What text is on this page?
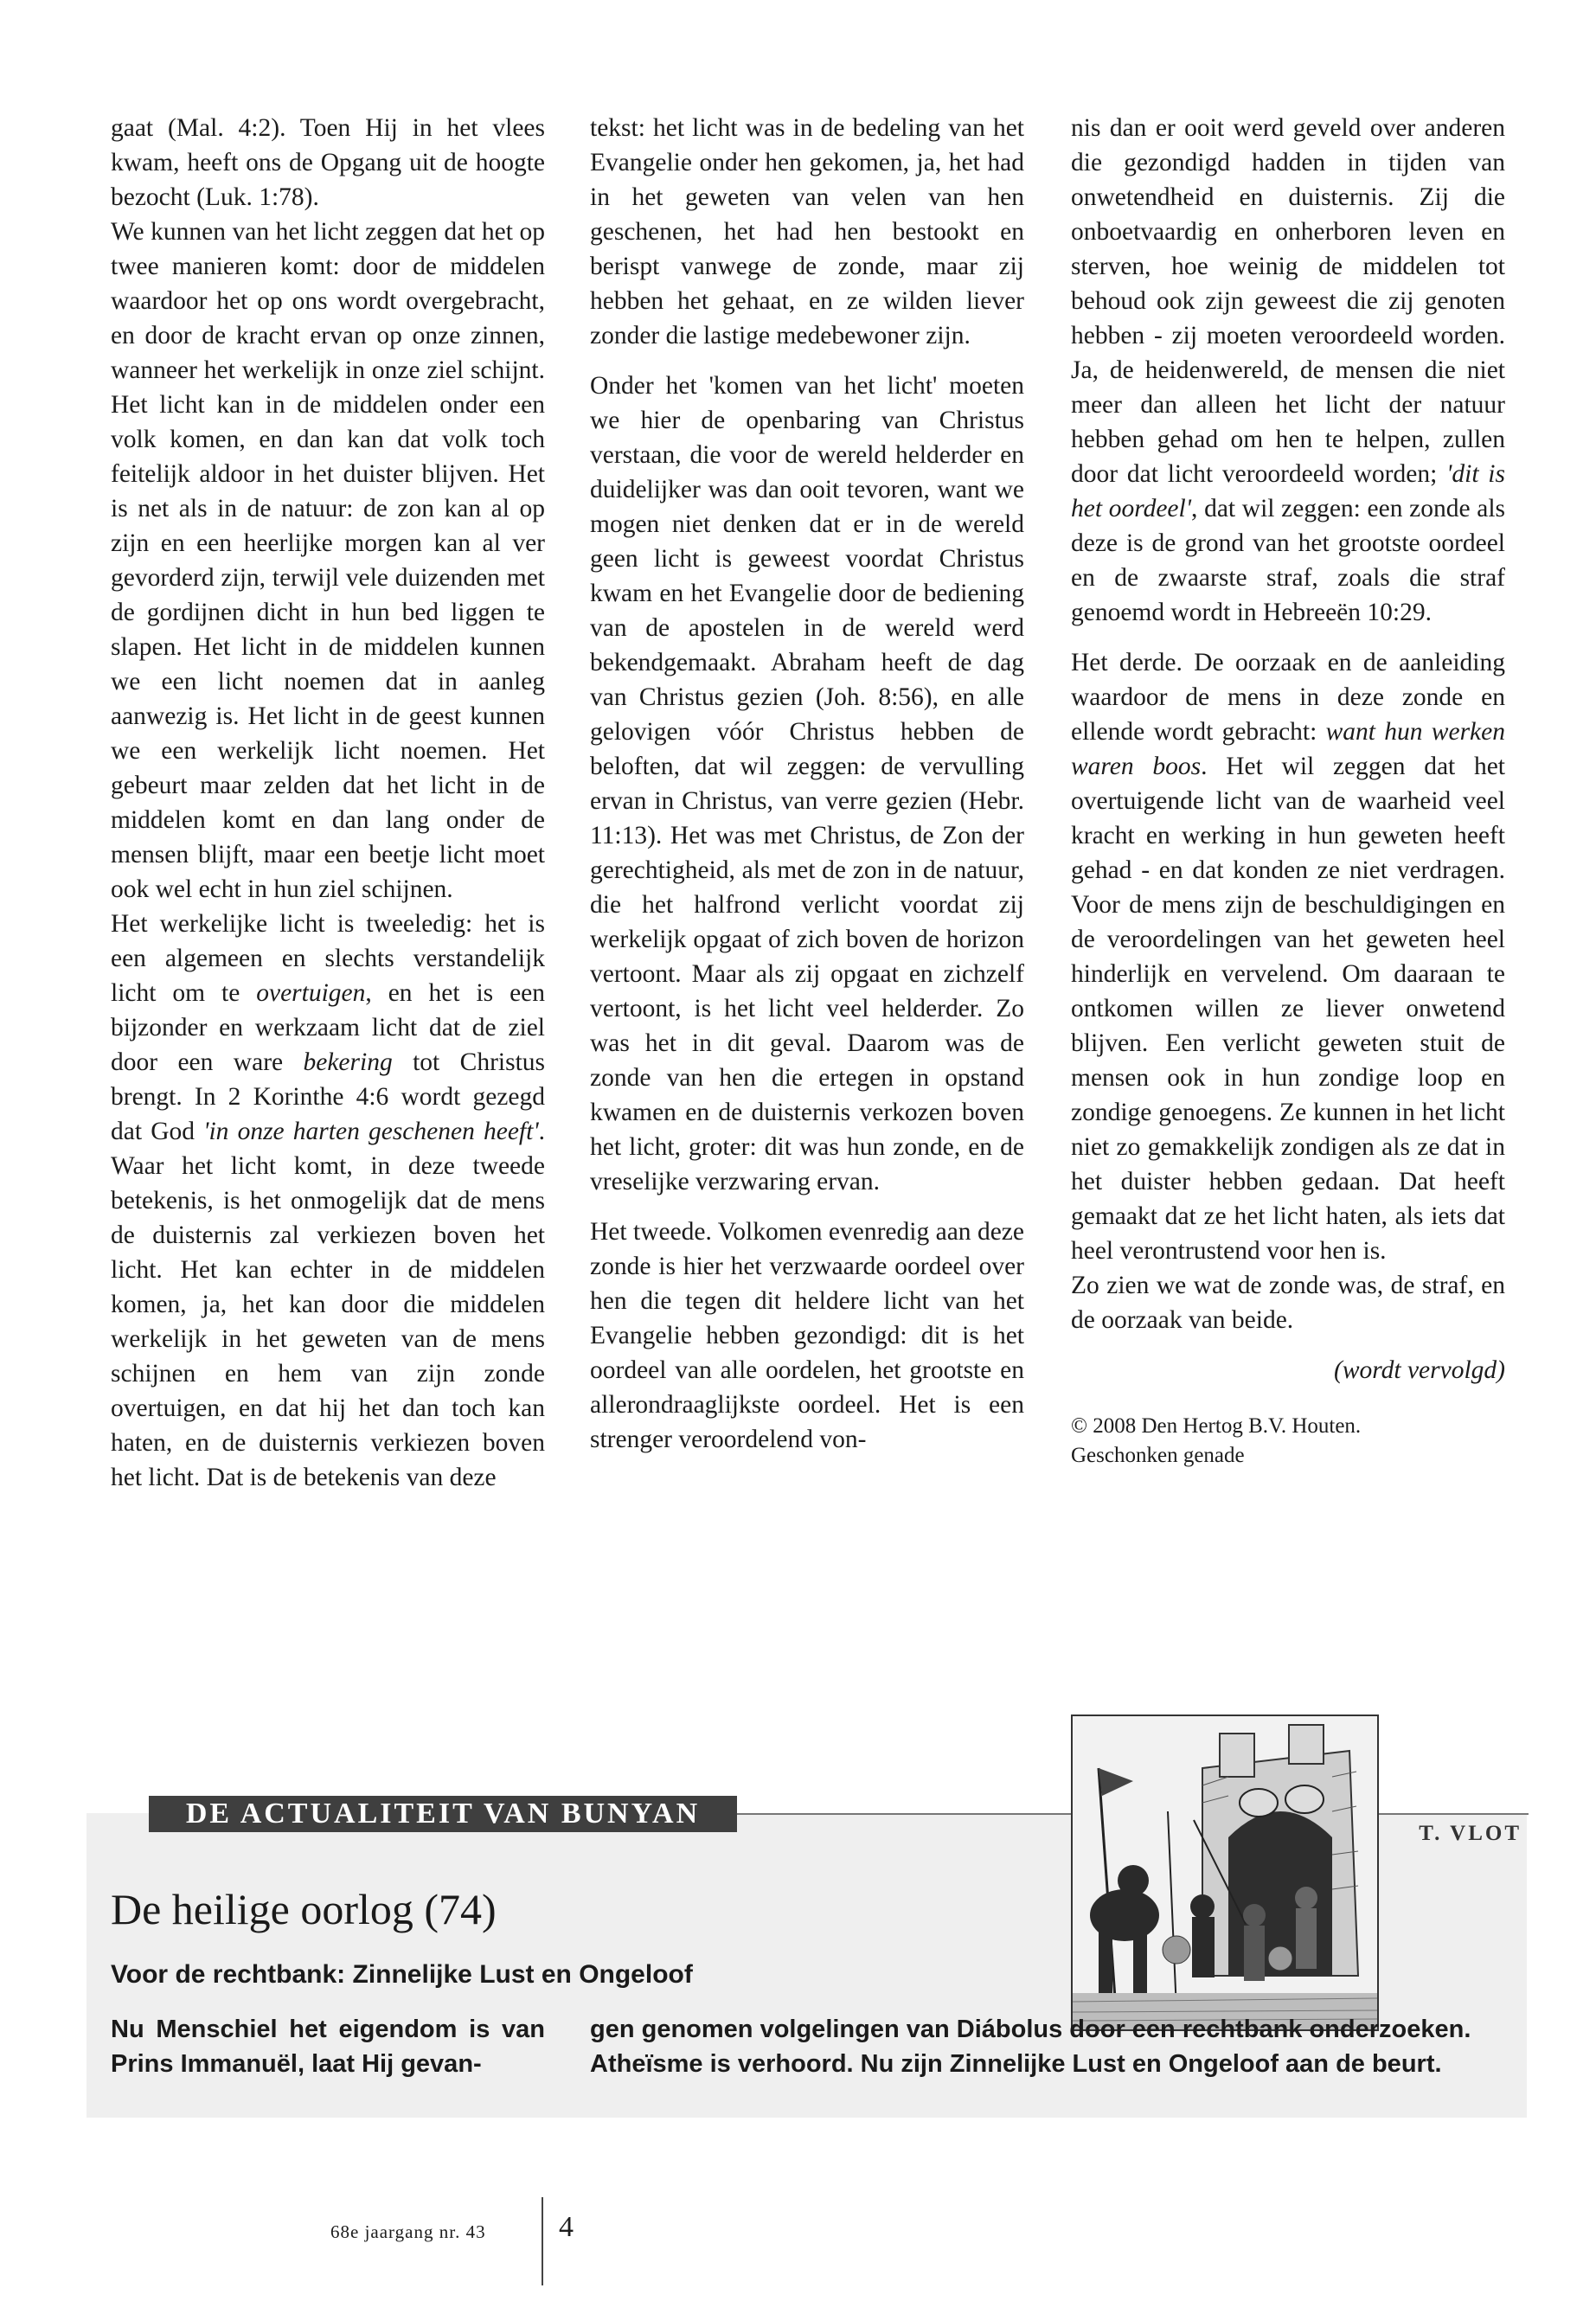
gaat (Mal. 4:2). Toen Hij in het vlees kwam, heeft ons de Opgang uit de hoogte bezocht (Luk. 1:78).

We kunnen van het licht zeggen dat het op twee manieren komt: door de middelen waardoor het op ons wordt overgebracht, en door de kracht ervan op onze zinnen, wanneer het werkelijk in onze ziel schijnt. Het licht kan in de middelen onder een volk komen, en dan kan dat volk toch feitelijk aldoor in het duister blijven. Het is net als in de natuur: de zon kan al op zijn en een heerlijke morgen kan al ver gevorderd zijn, terwijl vele duizenden met de gordijnen dicht in hun bed liggen te slapen. Het licht in de middelen kunnen we een licht noemen dat in aanleg aanwezig is. Het licht in de geest kunnen we een werkelijk licht noemen. Het gebeurt maar zelden dat het licht in de middelen komt en dan lang onder de mensen blijft, maar een beetje licht moet ook wel echt in hun ziel schijnen.

Het werkelijke licht is tweeledig: het is een algemeen en slechts verstandelijk licht om te overtuigen, en het is een bijzonder en werkzaam licht dat de ziel door een ware bekering tot Christus brengt. In 2 Korinthe 4:6 wordt gezegd dat God 'in onze harten geschenen heeft'. Waar het licht komt, in deze tweede betekenis, is het onmogelijk dat de mens de duisternis zal verkiezen boven het licht. Het kan echter in de middelen komen, ja, het kan door die middelen werkelijk in het geweten van de mens schijnen en hem van zijn zonde overtuigen, en dat hij het dan toch kan haten, en de duisternis verkiezen boven het licht. Dat is de betekenis van deze

tekst: het licht was in de bedeling van het Evangelie onder hen gekomen, ja, het had in het geweten van velen van hen geschenen, het had hen bestookt en berispt vanwege de zonde, maar zij hebben het gehaat, en ze wilden liever zonder die lastige medebewoner zijn.

Onder het 'komen van het licht' moeten we hier de openbaring van Christus verstaan, die voor de wereld helderder en duidelijker was dan ooit tevoren, want we mogen niet denken dat er in de wereld geen licht is geweest voordat Christus kwam en het Evangelie door de bediening van de apostelen in de wereld werd bekendgemaakt. Abraham heeft de dag van Christus gezien (Joh. 8:56), en alle gelovigen vóór Christus hebben de beloften, dat wil zeggen: de vervulling ervan in Christus, van verre gezien (Hebr. 11:13). Het was met Christus, de Zon der gerechtigheid, als met de zon in de natuur, die het halfrond verlicht voordat zij werkelijk opgaat of zich boven de horizon vertoont. Maar als zij opgaat en zichzelf vertoont, is het licht veel helderder. Zo was het in dit geval. Daarom was de zonde van hen die ertegen in opstand kwamen en de duisternis verkozen boven het licht, groter: dit was hun zonde, en de vreselijke verzwaring ervan.

Het tweede. Volkomen evenredig aan deze zonde is hier het verzwaarde oordeel over hen die tegen dit heldere licht van het Evangelie hebben gezondigd: dit is het oordeel van alle oordelen, het grootste en allerondraaglijkste oordeel. Het is een strenger veroordelend von-

nis dan er ooit werd geveld over anderen die gezondigd hadden in tijden van onwetendheid en duisternis. Zij die onboetvaardig en onherboren leven en sterven, hoe weinig de middelen tot behoud ook zijn geweest die zij genoten hebben - zij moeten veroordeeld worden. Ja, de heidenwereld, de mensen die niet meer dan alleen het licht der natuur hebben gehad om hen te helpen, zullen door dat licht veroordeeld worden; 'dit is het oordeel', dat wil zeggen: een zonde als deze is de grond van het grootste oordeel en de zwaarste straf, zoals die straf genoemd wordt in Hebreeën 10:29.

Het derde. De oorzaak en de aanleiding waardoor de mens in deze zonde en ellende wordt gebracht: want hun werken waren boos. Het wil zeggen dat het overtuigende licht van de waarheid veel kracht en werking in hun geweten heeft gehad - en dat konden ze niet verdragen. Voor de mens zijn de beschuldigingen en de veroordelingen van het geweten heel hinderlijk en vervelend. Om daaraan te ontkomen willen ze liever onwetend blijven. Een verlicht geweten stuit de mensen ook in hun zondige loop en zondige genoegens. Ze kunnen in het licht niet zo gemakkelijk zondigen als ze dat in het duister hebben gedaan. Dat heeft gemaakt dat ze het licht haten, als iets dat heel verontrustend voor hen is.

Zo zien we wat de zonde was, de straf, en de oorzaak van beide.

(wordt vervolgd)

© 2008 Den Hertog B.V. Houten.
Geschonken genade

DE ACTUALITEIT VAN BUNYAN
T. VLOT
De heilige oorlog (74)
Voor de rechtbank: Zinnelijke Lust en Ongeloof
Nu Menschiel het eigendom is van Prins Immanuël, laat Hij gevan-
gen genomen volgelingen van Diábolus door een rechtbank onderzoeken. Atheïsme is verhoord. Nu zijn Zinnelijke Lust en Ongeloof aan de beurt.
68e jaargang nr. 43 4
